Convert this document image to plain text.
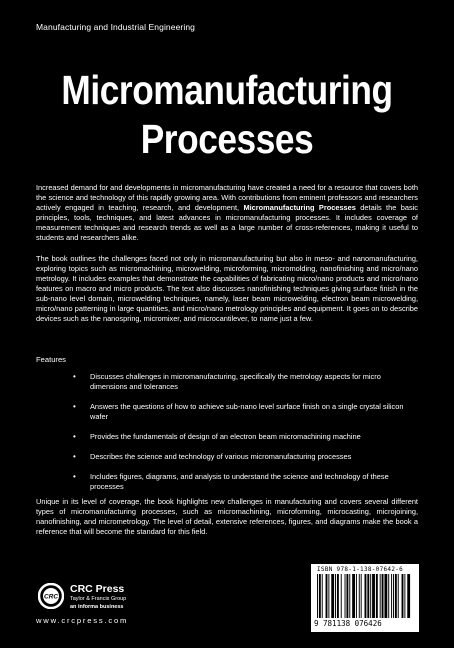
Manufacturing and Industrial Engineering
Micromanufacturing
Processes
Increased demand for and developments in micromanufacturing have created a need for a resource that covers both the science and technology of this rapidly growing area. With contributions from eminent professors and researchers actively engaged in teaching, research, and development, Micromanufacturing Processes details the basic principles, tools, techniques, and latest advances in micromanufacturing processes. It includes coverage of measurement techniques and research trends as well as a large number of cross-references, making it useful to students and researchers alike.
The book outlines the challenges faced not only in micromanufacturing but also in meso- and nanomanufacturing, exploring topics such as micromachining, microwelding, microforming, micromolding, nanofinishing and micro/nano metrology. It includes examples that demonstrate the capabilities of fabricating micro/nano products and micro/nano features on macro and micro products. The text also discusses nanofinishing techniques giving surface finish in the sub-nano level domain, microwelding techniques, namely, laser beam microwelding, electron beam microwelding, micro/nano patterning in large quantities, and micro/nano metrology principles and equipment. It goes on to describe devices such as the nanospring, micromixer, and microcantilever, to name just a few.
Features
• Discusses challenges in micromanufacturing, specifically the metrology aspects for micro dimensions and tolerances
• Answers the questions of how to achieve sub-nano level surface finish on a single crystal silicon wafer
• Provides the fundamentals of design of an electron beam micromachining machine
• Describes the science and technology of various micromanufacturing processes
• Includes figures, diagrams, and analysis to understand the science and technology of these processes
Unique in its level of coverage, the book highlights new challenges in manufacturing and covers several different types of micromanufacturing processes, such as micromachining, microforming, microcasting, microjoining, nanofinishing, and micrometrology. The level of detail, extensive references, figures, and diagrams make the book a reference that will become the standard for this field.
CRC
CRC Press
Taylor & Francis Group
an informa business
www.crcpress.com
ISBN 978-1-138-07642-6
9 781138 076426
